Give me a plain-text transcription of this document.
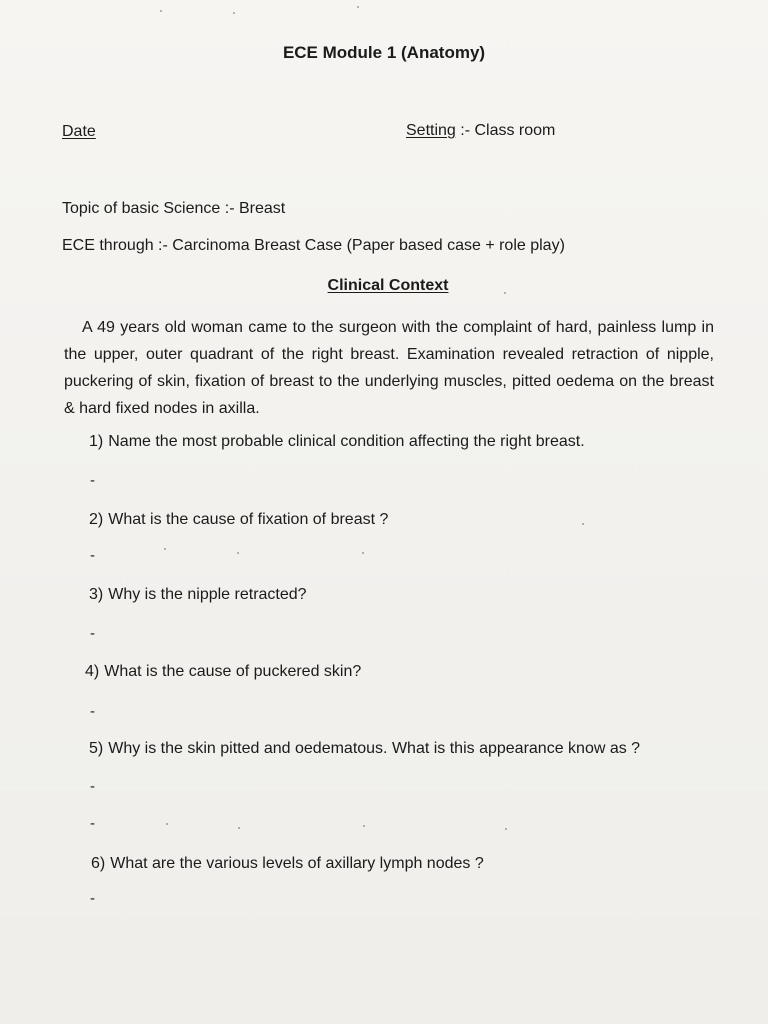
ECE Module 1 (Anatomy)
Date	Setting :- Class room
Topic of basic Science :- Breast
ECE through :- Carcinoma Breast Case (Paper based case + role play)
Clinical Context
A 49 years old woman came to the surgeon with the complaint of hard, painless lump in the upper, outer quadrant of the right breast. Examination revealed retraction of nipple, puckering of skin, fixation of breast to the underlying muscles, pitted oedema on the breast & hard fixed nodes in axilla.
1) Name the most probable clinical condition affecting the right breast.
-
2) What is the cause of fixation of breast ?
-
3) Why is the nipple retracted?
-
4) What is the cause of puckered skin?
-
5) Why is the skin pitted and oedematous. What is this appearance know as ?
-
-
6) What are the various levels of axillary lymph nodes ?
-
